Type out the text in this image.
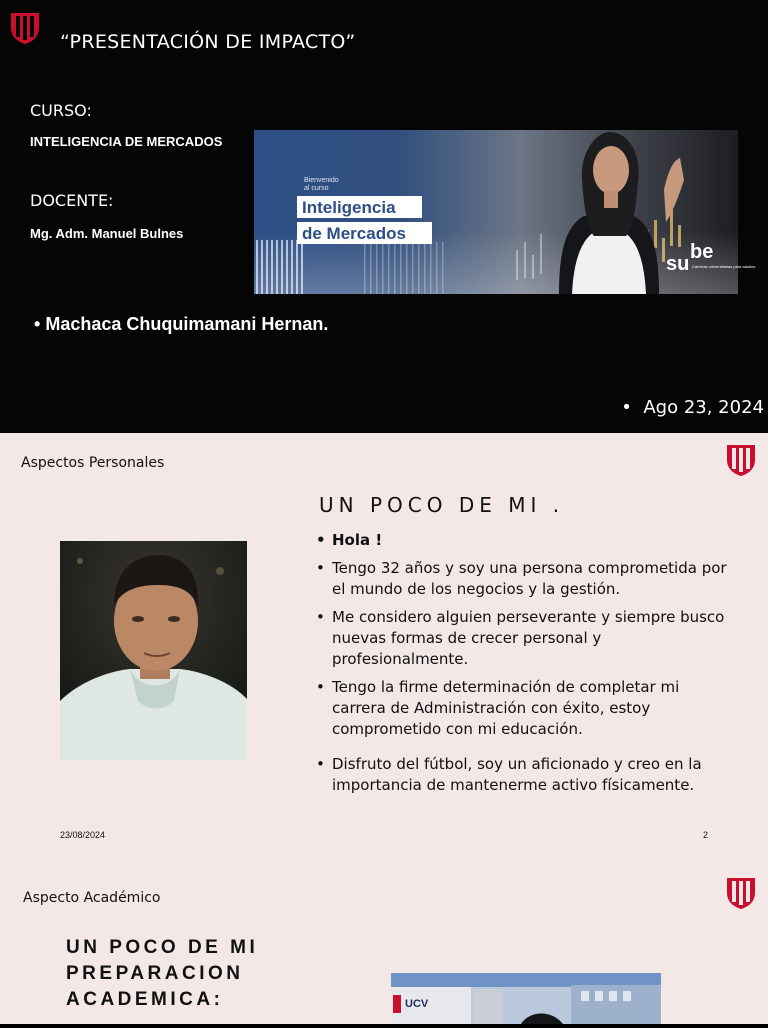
“PRESENTACIÓN DE IMPACTO”
CURSO:
INTELIGENCIA DE MERCADOS
DOCENTE:
Mg. Adm. Manuel Bulnes
su
be
Carreras universitarias para adultos
Bienvenido
al curso
Inteligencia
de Mercados
• Machaca Chuquimamani Hernan.
• Ago 23, 2024
Aspectos Personales
UN POCO DE MI .
• Hola !
• Tengo 32 años y soy una persona comprometida por el mundo de los negocios y la gestión.
• Me considero alguien perseverante y siempre busco nuevas formas de crecer personal y profesionalmente.
• Tengo la firme determinación de completar mi carrera de Administración con éxito, estoy comprometido con mi educación.
• Disfruto del fútbol, soy un aficionado y creo en la importancia de mantenerme activo físicamente.
23/08/2024	2
Aspecto Académico
UN POCO DE MI
PREPARACION
ACADEMICA:	UCV
